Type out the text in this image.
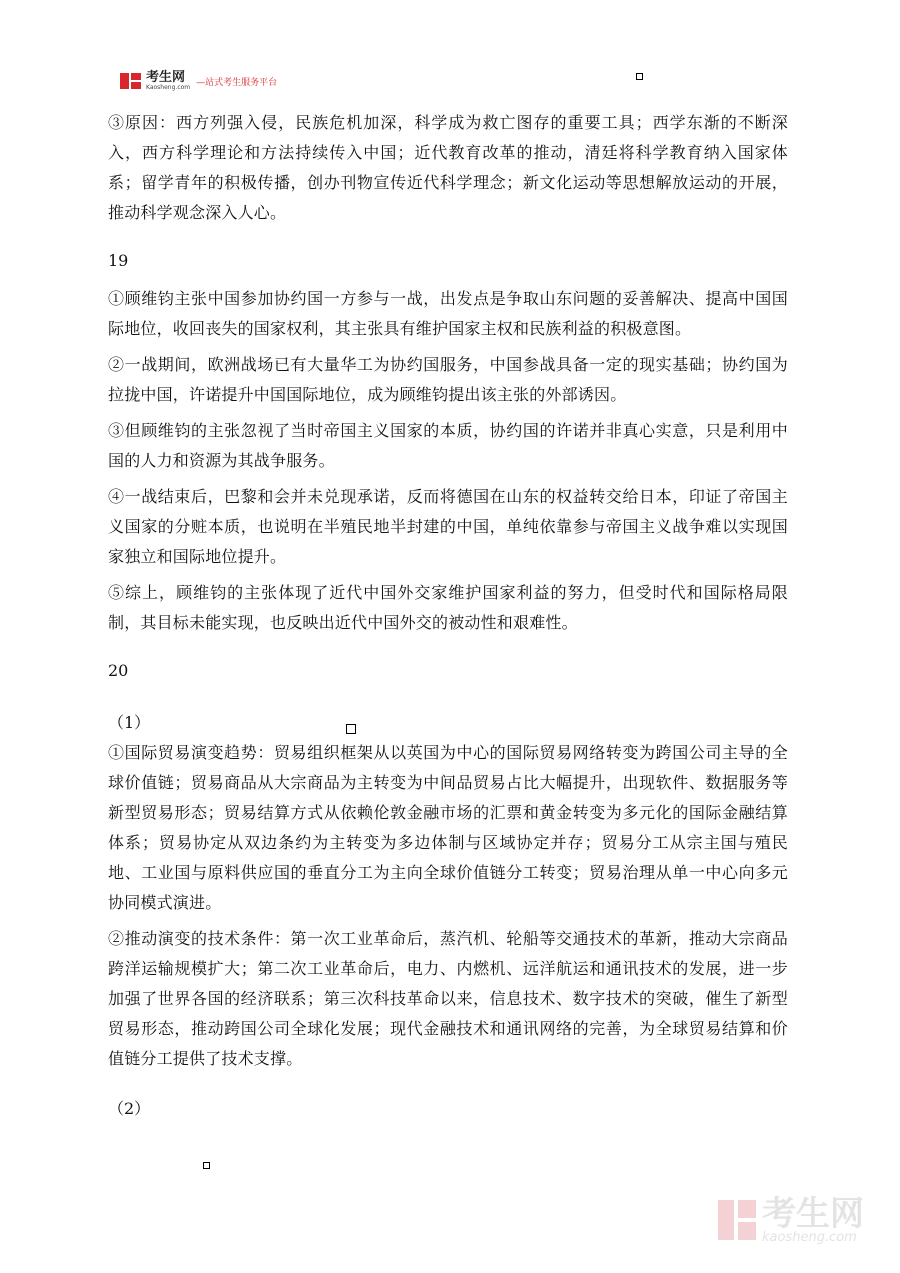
考生网
Kaosheng.com —站式考生服务平台

③原因：西方列强入侵，民族危机加深，科学成为救亡图存的重要工具；西学东渐的不断深入，西方科学理论和方法持续传入中国；近代教育改革的推动，清廷将科学教育纳入国家体系；留学青年的积极传播，创办刊物宣传近代科学理念；新文化运动等思想解放运动的开展，推动科学观念深入人心。

19

①顾维钧主张中国参加协约国一方参与一战，出发点是争取山东问题的妥善解决、提高中国国际地位，收回丧失的国家权利，其主张具有维护国家主权和民族利益的积极意图。

②一战期间，欧洲战场已有大量华工为协约国服务，中国参战具备一定的现实基础；协约国为拉拢中国，许诺提升中国国际地位，成为顾维钧提出该主张的外部诱因。

③但顾维钧的主张忽视了当时帝国主义国家的本质，协约国的许诺并非真心实意，只是利用中国的人力和资源为其战争服务。

④一战结束后，巴黎和会并未兑现承诺，反而将德国在山东的权益转交给日本，印证了帝国主义国家的分赃本质，也说明在半殖民地半封建的中国，单纯依靠参与帝国主义战争难以实现国家独立和国际地位提升。

⑤综上，顾维钧的主张体现了近代中国外交家维护国家利益的努力，但受时代和国际格局限制，其目标未能实现，也反映出近代中国外交的被动性和艰难性。

20

（1）

①国际贸易演变趋势：贸易组织框架从以英国为中心的国际贸易网络转变为跨国公司主导的全球价值链；贸易商品从大宗商品为主转变为中间品贸易占比大幅提升，出现软件、数据服务等新型贸易形态；贸易结算方式从依赖伦敦金融市场的汇票和黄金转变为多元化的国际金融结算体系；贸易协定从双边条约为主转变为多边体制与区域协定并存；贸易分工从宗主国与殖民地、工业国与原料供应国的垂直分工为主向全球价值链分工转变；贸易治理从单一中心向多元协同模式演进。

②推动演变的技术条件：第一次工业革命后，蒸汽机、轮船等交通技术的革新，推动大宗商品跨洋运输规模扩大；第二次工业革命后，电力、内燃机、远洋航运和通讯技术的发展，进一步加强了世界各国的经济联系；第三次科技革命以来，信息技术、数字技术的突破，催生了新型贸易形态，推动跨国公司全球化发展；现代金融技术和通讯网络的完善，为全球贸易结算和价值链分工提供了技术支撑。

（2）

考生网
kaosheng.com
